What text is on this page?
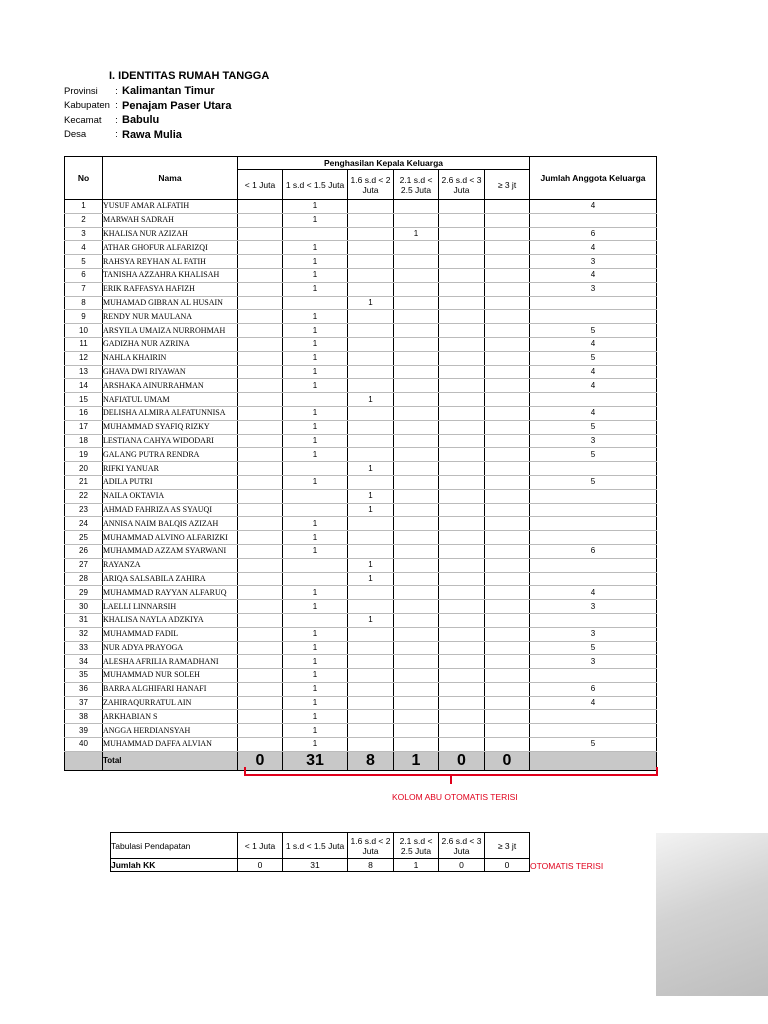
I. IDENTITAS RUMAH TANGGA
Provinsi	: Kalimantan Timur
Kabupaten : Penajam Paser Utara
Kecamat	: Babulu
Desa	: Rawa Mulia
No	Nama	Penghasilan Kepala Keluarga						Jumlah Anggota Keluarga
		< 1 Juta	1 s.d < 1.5 Juta	1.6 s.d < 2 Juta	2.1 s.d < 2.5 Juta	2.6 s.d < 3 Juta	≥ 3 jt	
1	YUSUF AMAR ALFATIH		1					4
2	MARWAH SADRAH		1					
3	KHALISA NUR AZIZAH				1			6
4	ATHAR GHOFUR ALFARIZQI		1					4
5	RAHSYA REYHAN AL FATIH		1					3
6	TANISHA AZZAHRA KHALISAH		1					4
7	ERIK RAFFASYA HAFIZH		1					3
8	MUHAMAD GIBRAN AL HUSAIN			1				
9	RENDY NUR MAULANA		1					
10	ARSYILA UMAIZA NURROHMAH		1					5
11	GADIZHA NUR AZRINA		1					4
12	NAHLA KHAIRIN		1					5
13	GHAVA DWI RIYAWAN		1					4
14	ARSHAKA AINURRAHMAN		1					4
15	NAFIATUL UMAM			1				
16	DELISHA ALMIRA ALFATUNNISA		1					4
17	MUHAMMAD SYAFIQ RIZKY		1					5
18	LESTIANA CAHYA WIDODARI		1					3
19	GALANG PUTRA RENDRA		1					5
20	RIFKI YANUAR			1				
21	ADILA PUTRI		1					5
22	NAILA OKTAVIA			1				
23	AHMAD FAHRIZA AS SYAUQI			1				
24	ANNISA NAIM BALQIS AZIZAH		1					
25	MUHAMMAD ALVINO ALFARIZKI		1					
26	MUHAMMAD AZZAM SYARWANI		1					6
27	RAYANZA			1				
28	ARIQA SALSABILA ZAHIRA			1				
29	MUHAMMAD RAYYAN ALFARUQ		1					4
30	LAELLI LINNARSIH		1					3
31	KHALISA NAYLA ADZKIYA			1				
32	MUHAMMAD FADIL		1					3
33	NUR ADYA PRAYOGA		1					5
34	ALESHA AFRILIA RAMADHANI		1					3
35	MUHAMMAD NUR SOLEH		1					
36	BARRA ALGHIFARI HANAFI		1					6
37	ZAHIRAQURRATUL AIN		1					4
38	ARKHABIAN S		1					
39	ANGGA HERDIANSYAH		1					
40	MUHAMMAD DAFFA ALVIAN		1					5
	Total	0	31	8	1	0	0	
KOLOM ABU OTOMATIS TERISI
Tabulasi Pendapatan	< 1 Juta	1 s.d < 1.5 Juta	1.6 s.d < 2 Juta	2.1 s.d < 2.5 Juta	2.6 s.d < 3 Juta	≥ 3 jt
Jumlah KK	0	31	8	1	0	0 OTOMATIS TERISI
